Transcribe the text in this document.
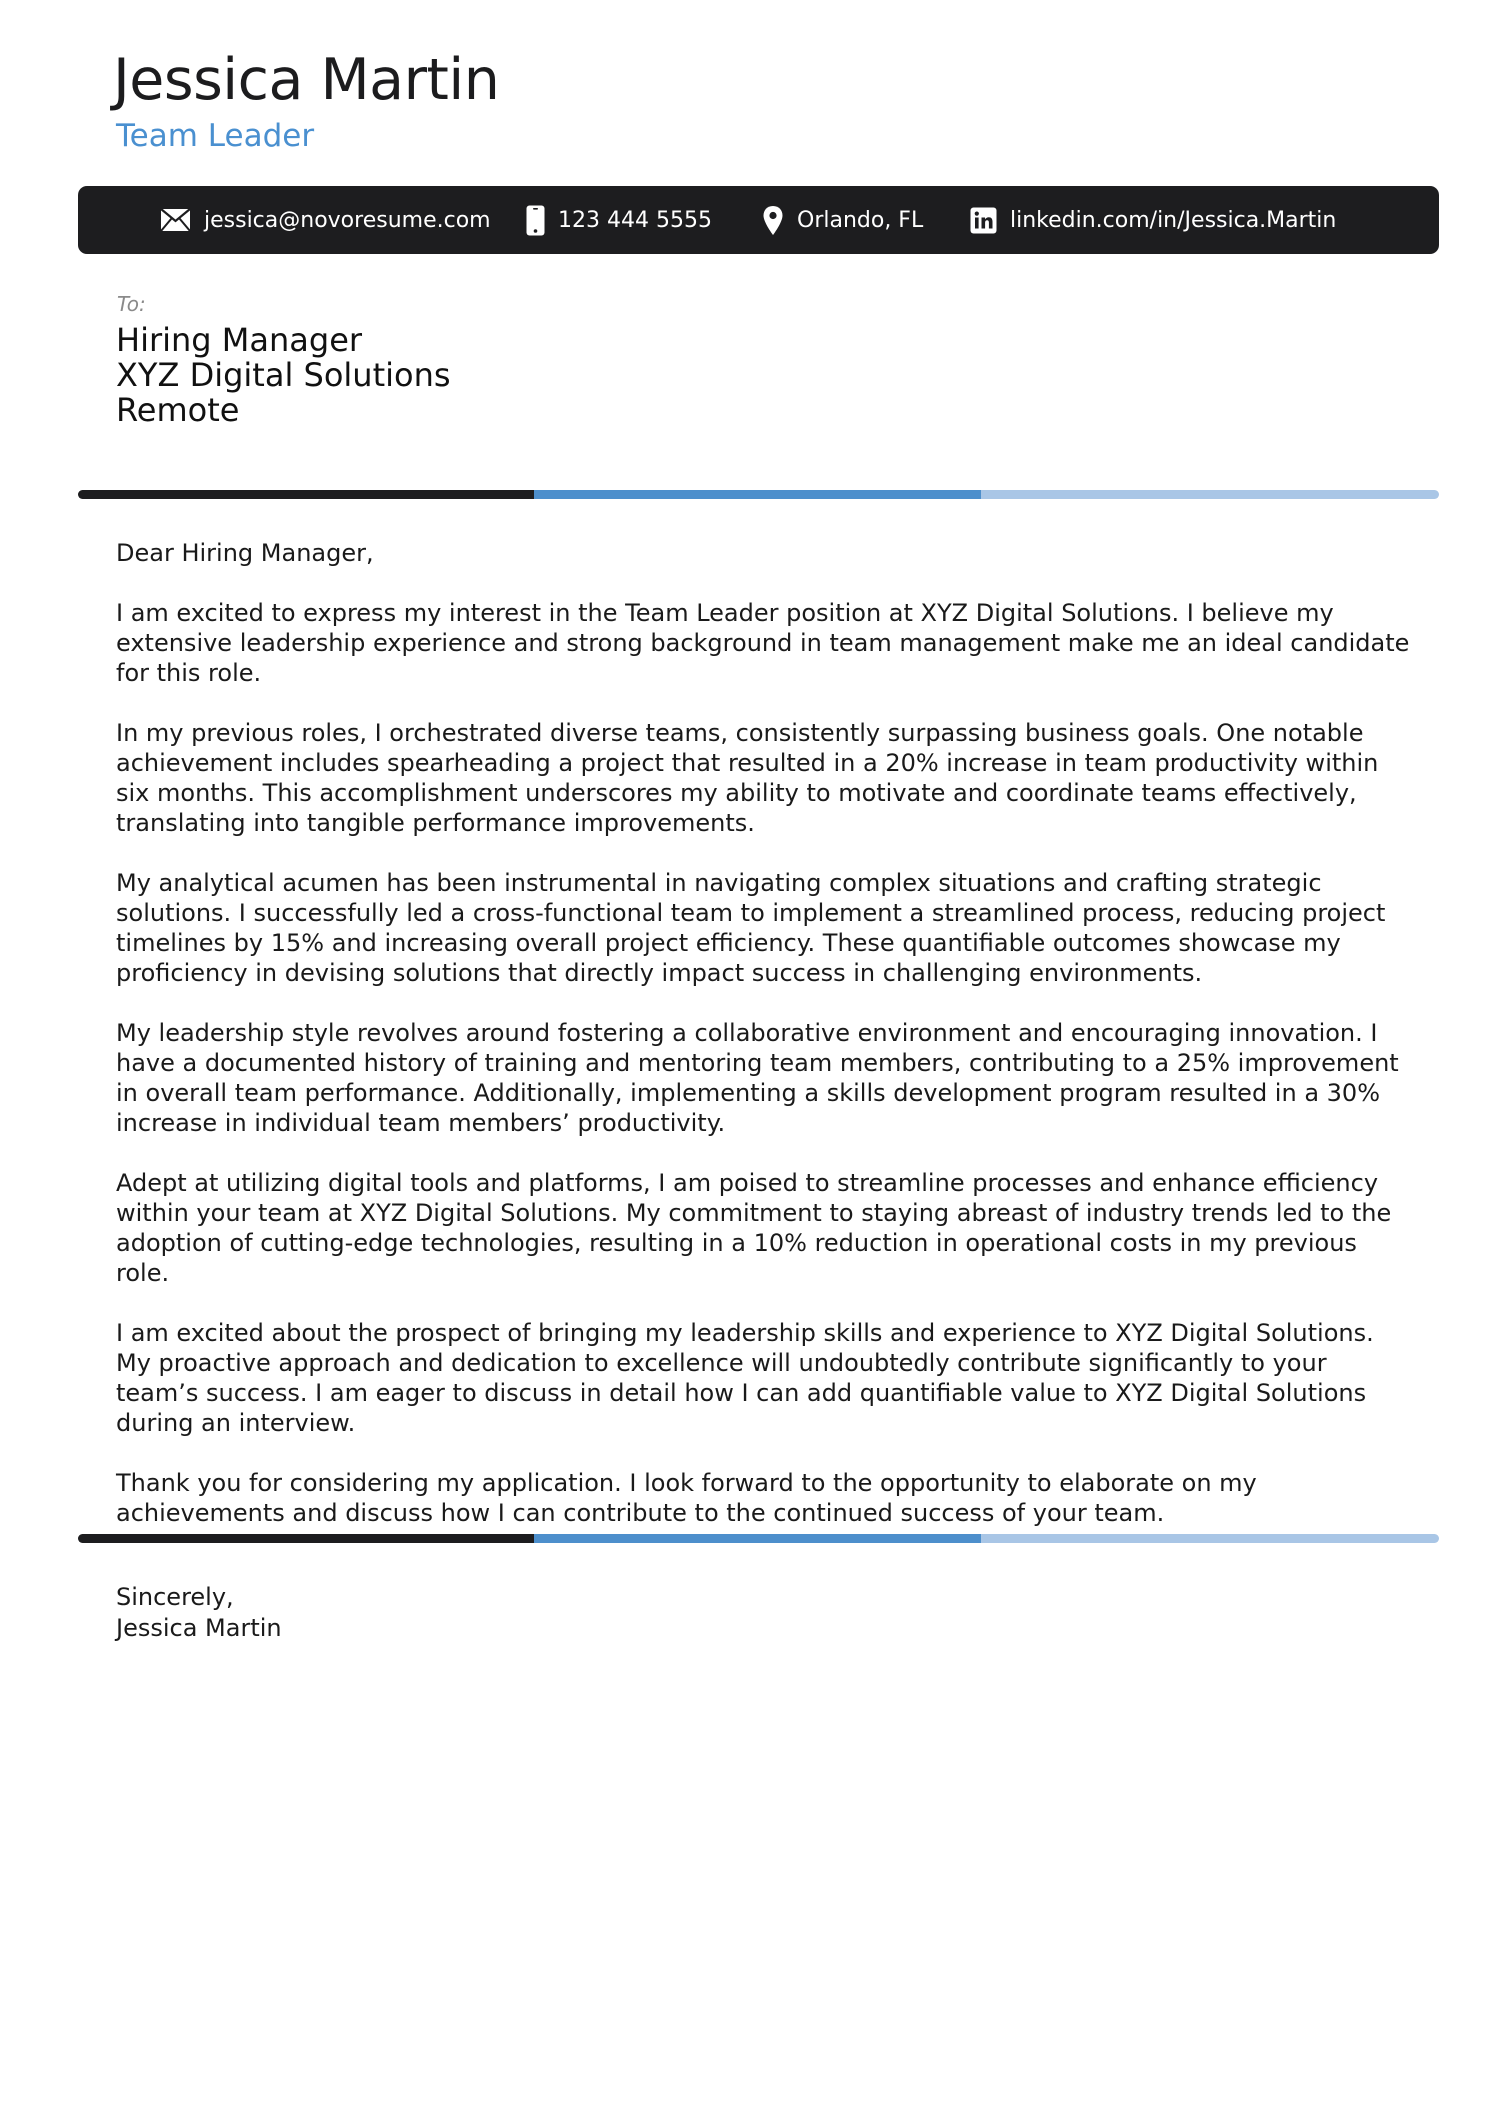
Jessica Martin
Team Leader
jessica@novoresume.com	123 444 5555	Orlando, FL	linkedin.com/in/Jessica.Martin
To:
Hiring Manager
XYZ Digital Solutions
Remote
Dear Hiring Manager,

I am excited to express my interest in the Team Leader position at XYZ Digital Solutions. I believe my extensive leadership experience and strong background in team management make me an ideal candidate for this role.

In my previous roles, I orchestrated diverse teams, consistently surpassing business goals. One notable achievement includes spearheading a project that resulted in a 20% increase in team productivity within six months. This accomplishment underscores my ability to motivate and coordinate teams effectively, translating into tangible performance improvements.

My analytical acumen has been instrumental in navigating complex situations and crafting strategic solutions. I successfully led a cross-functional team to implement a streamlined process, reducing project timelines by 15% and increasing overall project efficiency. These quantifiable outcomes showcase my proficiency in devising solutions that directly impact success in challenging environments.

My leadership style revolves around fostering a collaborative environment and encouraging innovation. I have a documented history of training and mentoring team members, contributing to a 25% improvement in overall team performance. Additionally, implementing a skills development program resulted in a 30% increase in individual team members’ productivity.

Adept at utilizing digital tools and platforms, I am poised to streamline processes and enhance efficiency within your team at XYZ Digital Solutions. My commitment to staying abreast of industry trends led to the adoption of cutting-edge technologies, resulting in a 10% reduction in operational costs in my previous role.

I am excited about the prospect of bringing my leadership skills and experience to XYZ Digital Solutions. My proactive approach and dedication to excellence will undoubtedly contribute significantly to your team’s success. I am eager to discuss in detail how I can add quantifiable value to XYZ Digital Solutions during an interview.

Thank you for considering my application. I look forward to the opportunity to elaborate on my achievements and discuss how I can contribute to the continued success of your team.

Sincerely,
Jessica Martin
